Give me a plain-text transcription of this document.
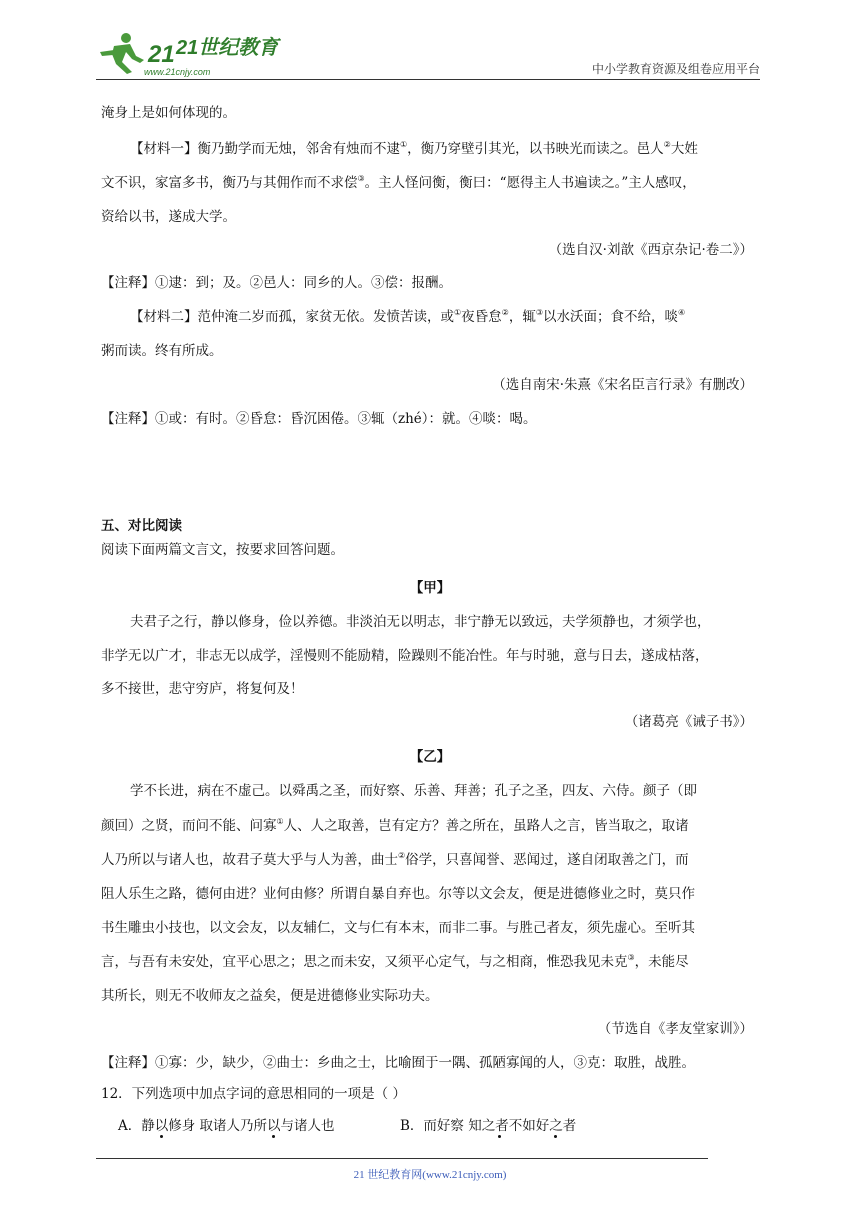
21 21世纪教育
www.21cnjy.com	中小学教育资源及组卷应用平台
淹身上是如何体现的。
【材料一】衡乃勤学而无烛，邻舍有烛而不逮①，衡乃穿壁引其光，以书映光而读之。邑人②大姓
文不识，家富多书，衡乃与其佣作而不求偿③。主人怪问衡，衡曰：“愿得主人书遍读之。”主人感叹，
资给以书，遂成大学。
（选自汉·刘歆《西京杂记·卷二》）
【注释】①逮：到；及。②邑人：同乡的人。③偿：报酬。
【材料二】范仲淹二岁而孤，家贫无依。发愤苦读，或①夜昏怠②，辄③以水沃面；食不给，啖④
粥而读。终有所成。
（选自南宋·朱熹《宋名臣言行录》有删改）
【注释】①或：有时。②昏怠：昏沉困倦。③辄（zhé）：就。④啖：喝。
五、对比阅读
阅读下面两篇文言文，按要求回答问题。
【甲】
夫君子之行，静以修身，俭以养德。非淡泊无以明志，非宁静无以致远，夫学须静也，才须学也，
非学无以广才，非志无以成学，淫慢则不能励精，险躁则不能冶性。年与时驰，意与日去，遂成枯落，
多不接世，悲守穷庐，将复何及！
（诸葛亮《诫子书》）
【乙】
学不长进，病在不虚己。以舜禹之圣，而好察、乐善、拜善；孔子之圣，四友、六侍。颜子（即
颜回）之贤，而问不能、问寡①人、人之取善，岂有定方？善之所在，虽路人之言，皆当取之，取诸
人乃所以与诸人也，故君子莫大乎与人为善，曲士②俗学，只喜闻誉、恶闻过，遂自闭取善之门，而
阻人乐生之路，德何由进？业何由修？所谓自暴自弃也。尔等以文会友，便是进德修业之时，莫只作
书生雕虫小技也，以文会友，以友辅仁，文与仁有本末，而非二事。与胜己者友，须先虚心。至听其
言，与吾有未安处，宜平心思之；思之而未安，又须平心定气，与之相商，惟恐我见未克③，未能尽
其所长，则无不收师友之益矣，便是进德修业实际功夫。
（节选自《孝友堂家训》）
【注释】①寡：少，缺少，②曲士：乡曲之士，比喻囿于一隅、孤陋寡闻的人，③克：取胜，战胜。
12．下列选项中加点字词的意思相同的一项是（ ）
A．静以修身 取诸人乃所以与诸人也	B．而好察 知之者不如好之者
21 世纪教育网(www.21cnjy.com)
